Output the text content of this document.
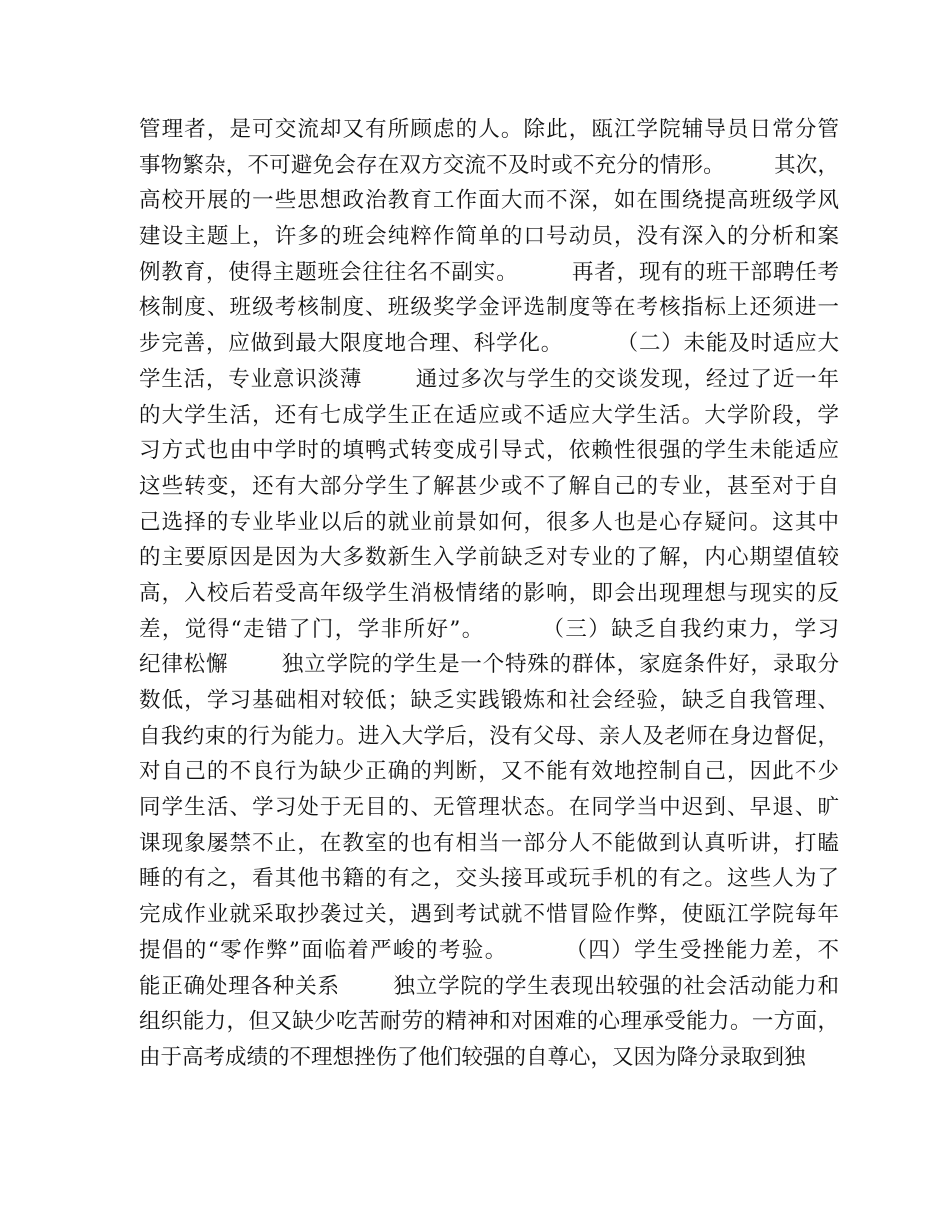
管理者，是可交流却又有所顾虑的人。除此，瓯江学院辅导员日常分管
事物繁杂，不可避免会存在双方交流不及时或不充分的情形。       其次，
高校开展的一些思想政治教育工作面大而不深，如在围绕提高班级学风
建设主题上，许多的班会纯粹作简单的口号动员，没有深入的分析和案
例教育，使得主题班会往往名不副实。       再者，现有的班干部聘任考
核制度、班级考核制度、班级奖学金评选制度等在考核指标上还须进一
步完善，应做到最大限度地合理、科学化。       （二）未能及时适应大
学生活，专业意识淡薄       通过多次与学生的交谈发现，经过了近一年
的大学生活，还有七成学生正在适应或不适应大学生活。大学阶段，学
习方式也由中学时的填鸭式转变成引导式，依赖性很强的学生未能适应
这些转变，还有大部分学生了解甚少或不了解自己的专业，甚至对于自
己选择的专业毕业以后的就业前景如何，很多人也是心存疑问。这其中
的主要原因是因为大多数新生入学前缺乏对专业的了解，内心期望值较
高，入校后若受高年级学生消极情绪的影响，即会出现理想与现实的反
差，觉得“走错了门，学非所好”。       （三）缺乏自我约束力，学习
纪律松懈       独立学院的学生是一个特殊的群体，家庭条件好，录取分
数低，学习基础相对较低；缺乏实践锻炼和社会经验，缺乏自我管理、
自我约束的行为能力。进入大学后，没有父母、亲人及老师在身边督促，
对自己的不良行为缺少正确的判断，又不能有效地控制自己，因此不少
同学生活、学习处于无目的、无管理状态。在同学当中迟到、早退、旷
课现象屡禁不止，在教室的也有相当一部分人不能做到认真听讲，打瞌
睡的有之，看其他书籍的有之，交头接耳或玩手机的有之。这些人为了
完成作业就采取抄袭过关，遇到考试就不惜冒险作弊，使瓯江学院每年
提倡的“零作弊”面临着严峻的考验。       （四）学生受挫能力差，不
能正确处理各种关系       独立学院的学生表现出较强的社会活动能力和
组织能力，但又缺少吃苦耐劳的精神和对困难的心理承受能力。一方面，
由于高考成绩的不理想挫伤了他们较强的自尊心，又因为降分录取到独
